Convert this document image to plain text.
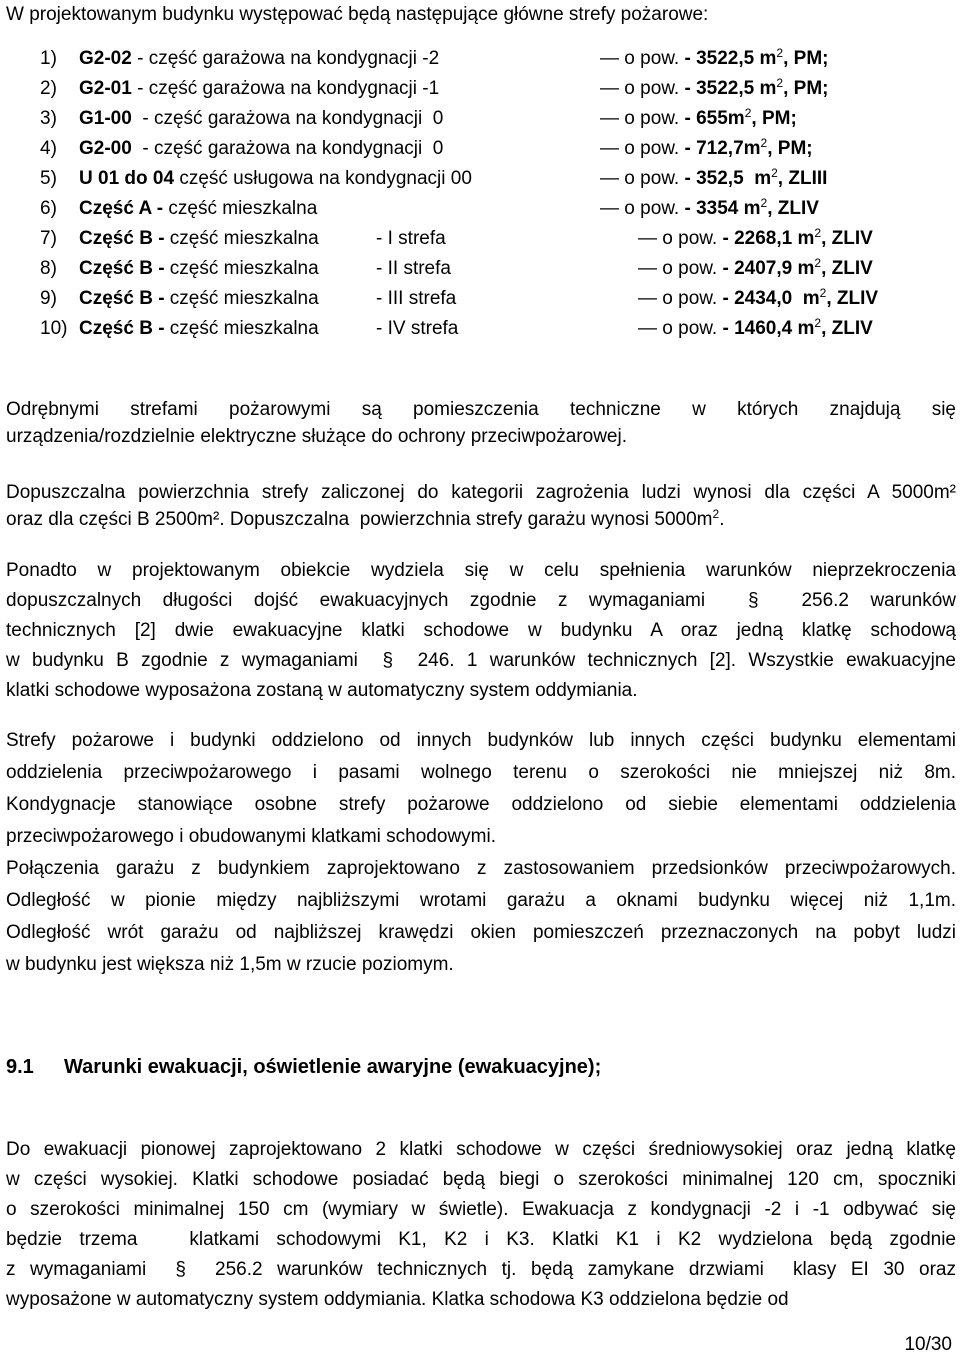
W projektowanym budynku występować będą następujące główne strefy pożarowe:
1) G2-02 - część garażowa na kondygnacji -2	— o pow. - 3522,5 $m^2$, PM;
2) G2-01 - część garażowa na kondygnacji -1	— o pow. - 3522,5 $m^2$, PM;
3) G1-00  - część garażowa na kondygnacji  0	— o pow. - $655m^2$, PM;
4) G2-00  - część garażowa na kondygnacji  0	— o pow. - $712,7m^2$, PM;
5) U 01 do 04 część usługowa na kondygnacji 00	— o pow. - 352,5  $m^2$, ZLIII
6) Część A - część mieszkalna	— o pow. - 3354 $m^2$, ZLIV
7) Część B - część mieszkalna	- I strefa	— o pow. - 2268,1 $m^2$, ZLIV
8) Część B - część mieszkalna	- II strefa	— o pow. - 2407,9 $m^2$, ZLIV
9) Część B - część mieszkalna	- III strefa	— o pow. - 2434,0  $m^2$, ZLIV
10) Część B - część mieszkalna	- IV strefa	— o pow. - 1460,4 $m^2$, ZLIV
Odrębnymi strefami pożarowymi są pomieszczenia techniczne w których znajdują się
urządzenia/rozdzielnie elektryczne służące do ochrony przeciwpożarowej.
Dopuszczalna powierzchnia strefy zaliczonej do kategorii zagrożenia ludzi wynosi dla części A 5000m²
oraz dla części B 2500m². Dopuszczalna  powierzchnia strefy garażu wynosi $5000m^2$.
Ponadto w projektowanym obiekcie wydziela się w celu spełnienia warunków nieprzekroczenia
dopuszczalnych długości dojść ewakuacyjnych zgodnie z wymaganiami  §  256.2 warunków
technicznych [2] dwie ewakuacyjne klatki schodowe w budynku A oraz jedną klatkę schodową
w budynku B zgodnie z wymaganiami  §  246. 1 warunków technicznych [2]. Wszystkie ewakuacyjne
klatki schodowe wyposażona zostaną w automatyczny system oddymiania.
Strefy pożarowe i budynki oddzielono od innych budynków lub innych części budynku elementami
oddzielenia przeciwpożarowego i pasami wolnego terenu o szerokości nie mniejszej niż 8m.
Kondygnacje stanowiące osobne strefy pożarowe oddzielono od siebie elementami oddzielenia
przeciwpożarowego i obudowanymi klatkami schodowymi.
Połączenia garażu z budynkiem zaprojektowano z zastosowaniem przedsionków przeciwpożarowych.
Odległość w pionie między najbliższymi wrotami garażu a oknami budynku więcej niż 1,1m.
Odległość wrót garażu od najbliższej krawędzi okien pomieszczeń przeznaczonych na pobyt ludzi
w budynku jest większa niż 1,5m w rzucie poziomym.
9.1 Warunki ewakuacji, oświetlenie awaryjne (ewakuacyjne);
Do ewakuacji pionowej zaprojektowano 2 klatki schodowe w części średniowysokiej oraz jedną klatkę
w części wysokiej. Klatki schodowe posiadać będą biegi o szerokości minimalnej 120 cm, spoczniki
o szerokości minimalnej 150 cm (wymiary w świetle). Ewakuacja z kondygnacji -2 i -1 odbywać się
będzie trzema   klatkami schodowymi K1, K2 i K3. Klatki K1 i K2 wydzielona będą zgodnie
z wymaganiami  §  256.2 warunków technicznych tj. będą zamykane drzwiami  klasy EI 30 oraz
wyposażone w automatyczny system oddymiania. Klatka schodowa K3 oddzielona będzie od
10/30
